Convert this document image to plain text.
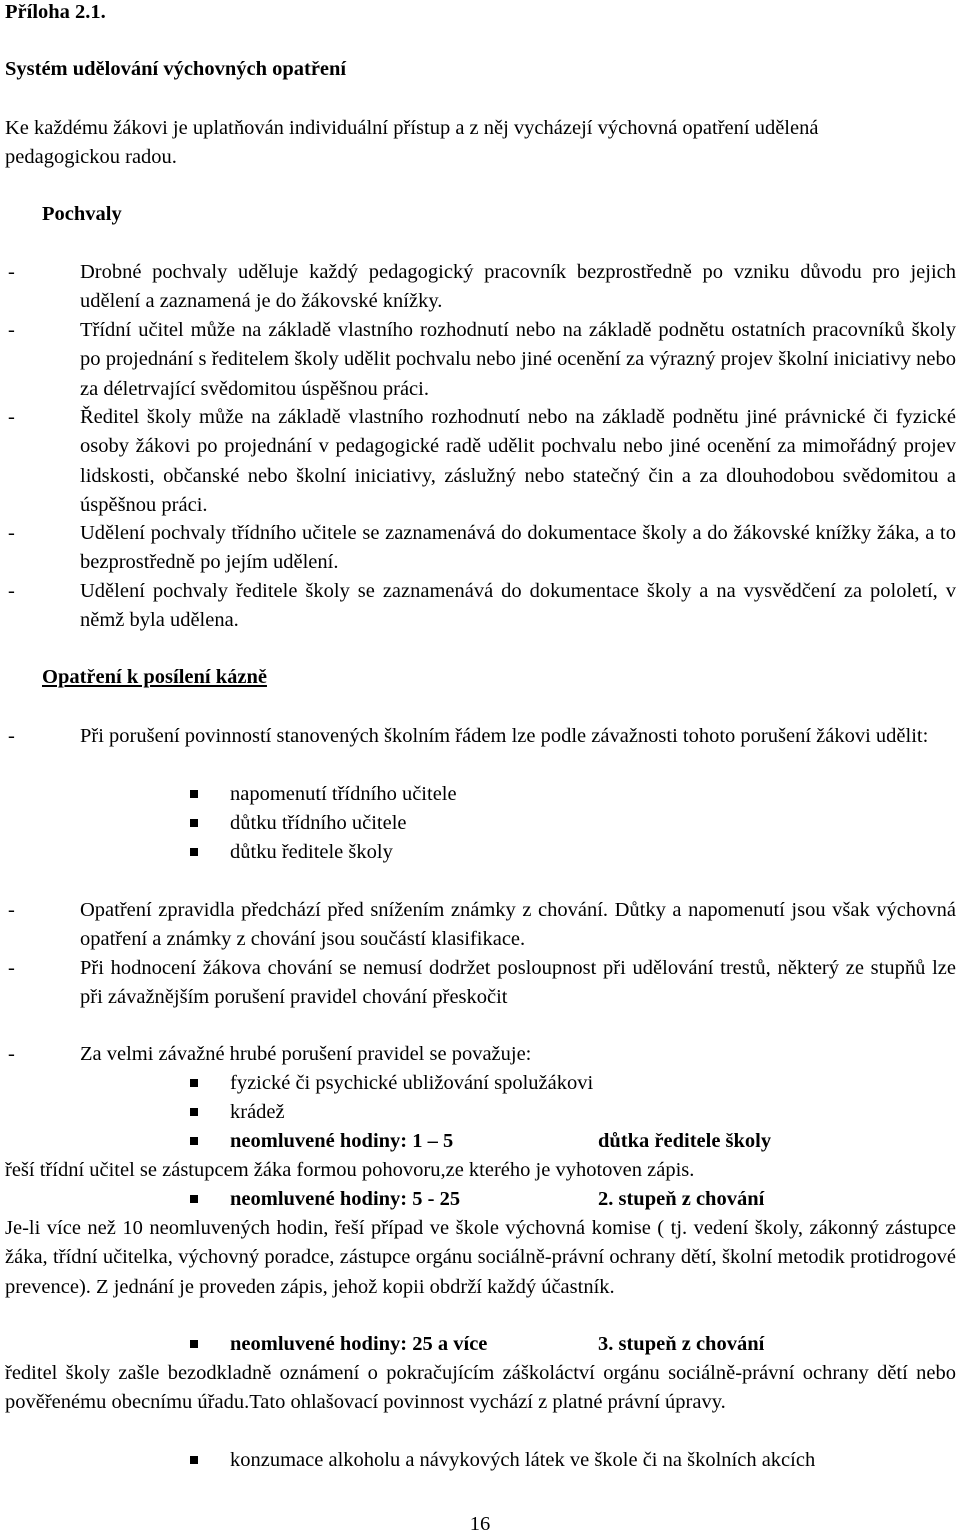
Příloha 2.1.
Systém udělování výchovných opatření
Ke každému žákovi je uplatňován individuální přístup a z něj vycházejí výchovná opatření udělená pedagogickou radou.
Pochvaly
-	Drobné pochvaly uděluje každý pedagogický pracovník bezprostředně po vzniku důvodu pro jejich udělení a zaznamená je do žákovské knížky.
-	Třídní učitel může na základě vlastního rozhodnutí nebo na základě podnětu ostatních pracovníků školy po projednání s ředitelem školy udělit pochvalu nebo jiné ocenění za výrazný projev školní iniciativy nebo za déletrvající svědomitou úspěšnou práci.
-	Ředitel školy může na základě vlastního rozhodnutí nebo na základě podnětu jiné právnické či fyzické osoby žákovi po projednání v pedagogické radě udělit pochvalu nebo jiné ocenění za mimořádný projev lidskosti, občanské nebo školní iniciativy, záslužný nebo statečný čin a za dlouhodobou svědomitou a úspěšnou práci.
-	Udělení pochvaly třídního učitele se zaznamenává do dokumentace školy a do žákovské knížky žáka, a to bezprostředně po jejím udělení.
-	Udělení pochvaly ředitele školy se zaznamenává do dokumentace školy a na vysvědčení za pololetí, v němž byla udělena.
Opatření k posílení kázně
-	Při porušení povinností stanovených školním řádem lze podle závažnosti tohoto porušení žákovi udělit:
napomenutí třídního učitele
důtku třídního učitele
důtku ředitele školy
-	Opatření zpravidla předchází před snížením známky z chování. Důtky a napomenutí jsou však výchovná opatření a známky z chování jsou součástí klasifikace.
-	Při hodnocení žákova chování se nemusí dodržet posloupnost při udělování trestů, některý ze stupňů lze při závažnějším porušení pravidel chování přeskočit
-	Za velmi závažné hrubé porušení pravidel se považuje:
fyzické či psychické ubližování spolužákovi
krádež
neomluvené hodiny: 1 – 5	důtka ředitele školy
řeší třídní učitel se zástupcem žáka formou pohovoru,ze kterého je vyhotoven zápis.
neomluvené hodiny: 5 - 25	2. stupeň z chování
Je-li více než 10 neomluvených hodin, řeší případ ve škole výchovná komise ( tj. vedení školy, zákonný zástupce žáka, třídní učitelka, výchovný poradce, zástupce orgánu sociálně-právní ochrany dětí, školní metodik protidrogové prevence). Z jednání je proveden zápis, jehož kopii obdrží každý účastník.
neomluvené hodiny: 25 a více	3. stupeň z chování
ředitel školy zašle bezodkladně oznámení o pokračujícím záškoláctví orgánu sociálně-právní ochrany dětí nebo pověřenému obecnímu úřadu.Tato ohlašovací povinnost vychází z platné právní úpravy.
konzumace alkoholu a návykových látek ve škole či na školních akcích
16
